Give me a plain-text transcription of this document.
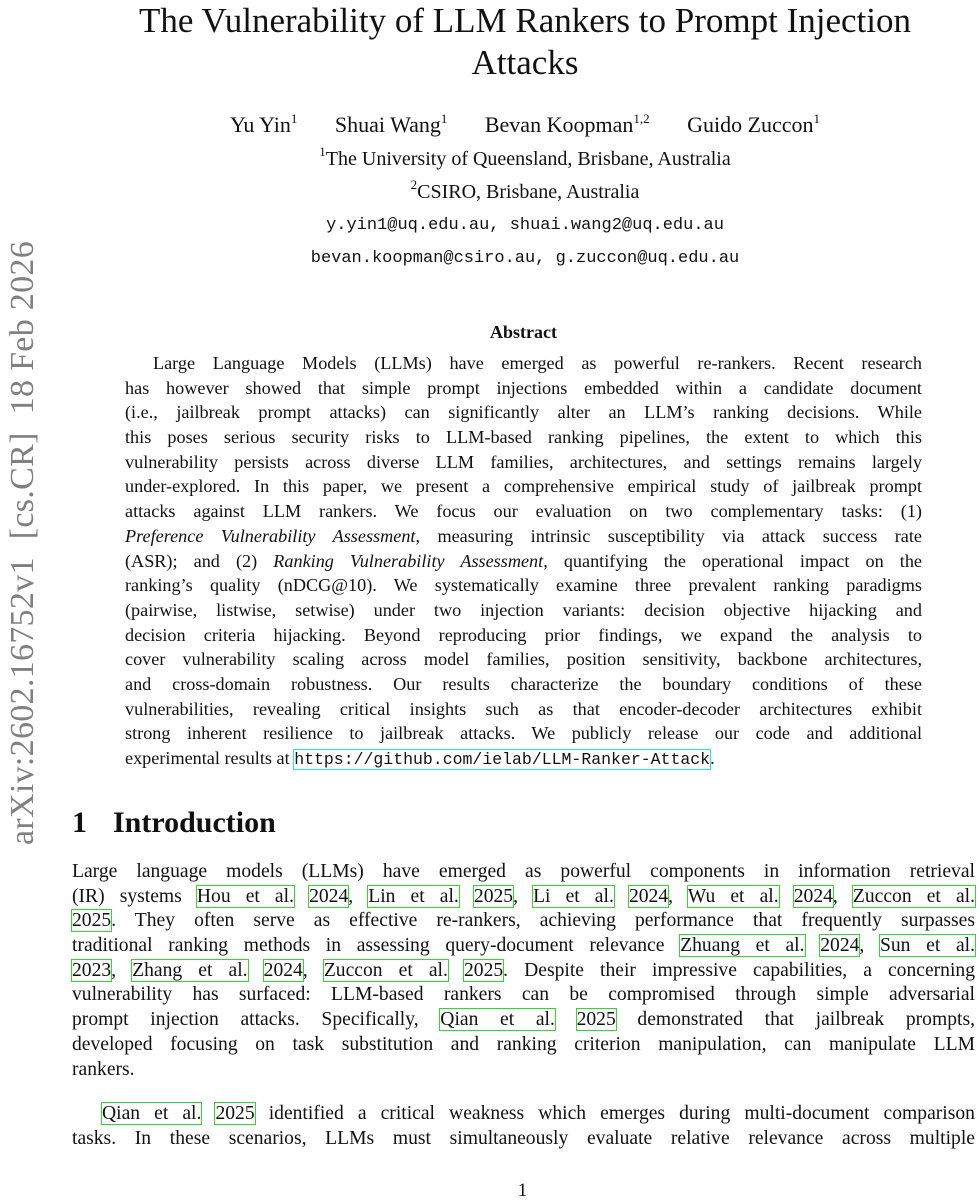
arXiv:2602.16752v1[cs.CR]18 Feb 2026
The Vulnerability of LLM Rankers to Prompt Injection
Attacks
Yu Yin$^1$ Shuai Wang$^1$ Bevan Koopman$^{1,2}$ Guido Zuccon$^1$
$^1$The University of Queensland, Brisbane, Australia
$^2$CSIRO, Brisbane, Australia
y.yin1@uq.edu.au, shuai.wang2@uq.edu.au
bevan.koopman@csiro.au, g.zuccon@uq.edu.au
Abstract
Large Language Models (LLMs) have emerged as powerful re-rankers. Recent research
has however showed that simple prompt injections embedded within a candidate document
(i.e., jailbreak prompt attacks) can significantly alter an LLM’s ranking decisions. While
this poses serious security risks to LLM-based ranking pipelines, the extent to which this
vulnerability persists across diverse LLM families, architectures, and settings remains largely
under-explored. In this paper, we present a comprehensive empirical study of jailbreak prompt
attacks against LLM rankers. We focus our evaluation on two complementary tasks: (1)
Preference Vulnerability Assessment, measuring intrinsic susceptibility via attack success rate
(ASR); and (2) Ranking Vulnerability Assessment, quantifying the operational impact on the
ranking’s quality (nDCG@10). We systematically examine three prevalent ranking paradigms
(pairwise, listwise, setwise) under two injection variants: decision objective hijacking and
decision criteria hijacking. Beyond reproducing prior findings, we expand the analysis to
cover vulnerability scaling across model families, position sensitivity, backbone architectures,
and cross-domain robustness. Our results characterize the boundary conditions of these
vulnerabilities, revealing critical insights such as that encoder-decoder architectures exhibit
strong inherent resilience to jailbreak attacks. We publicly release our code and additional
experimental results at https://github.com/ielab/LLM-Ranker-Attack.
1 Introduction
Large language models (LLMs) have emerged as powerful components in information retrieval
(IR) systems Hou et al. 2024, Lin et al. 2025, Li et al. 2024, Wu et al. 2024, Zuccon et al.
2025. They often serve as effective re-rankers, achieving performance that frequently surpasses
traditional ranking methods in assessing query-document relevance Zhuang et al. 2024, Sun et al.
2023, Zhang et al. 2024, Zuccon et al. 2025. Despite their impressive capabilities, a concerning
vulnerability has surfaced: LLM-based rankers can be compromised through simple adversarial
prompt injection attacks. Specifically, Qian et al. 2025 demonstrated that jailbreak prompts,
developed focusing on task substitution and ranking criterion manipulation, can manipulate LLM
rankers.
Qian et al. 2025 identified a critical weakness which emerges during multi-document comparison
tasks. In these scenarios, LLMs must simultaneously evaluate relative relevance across multiple
1
